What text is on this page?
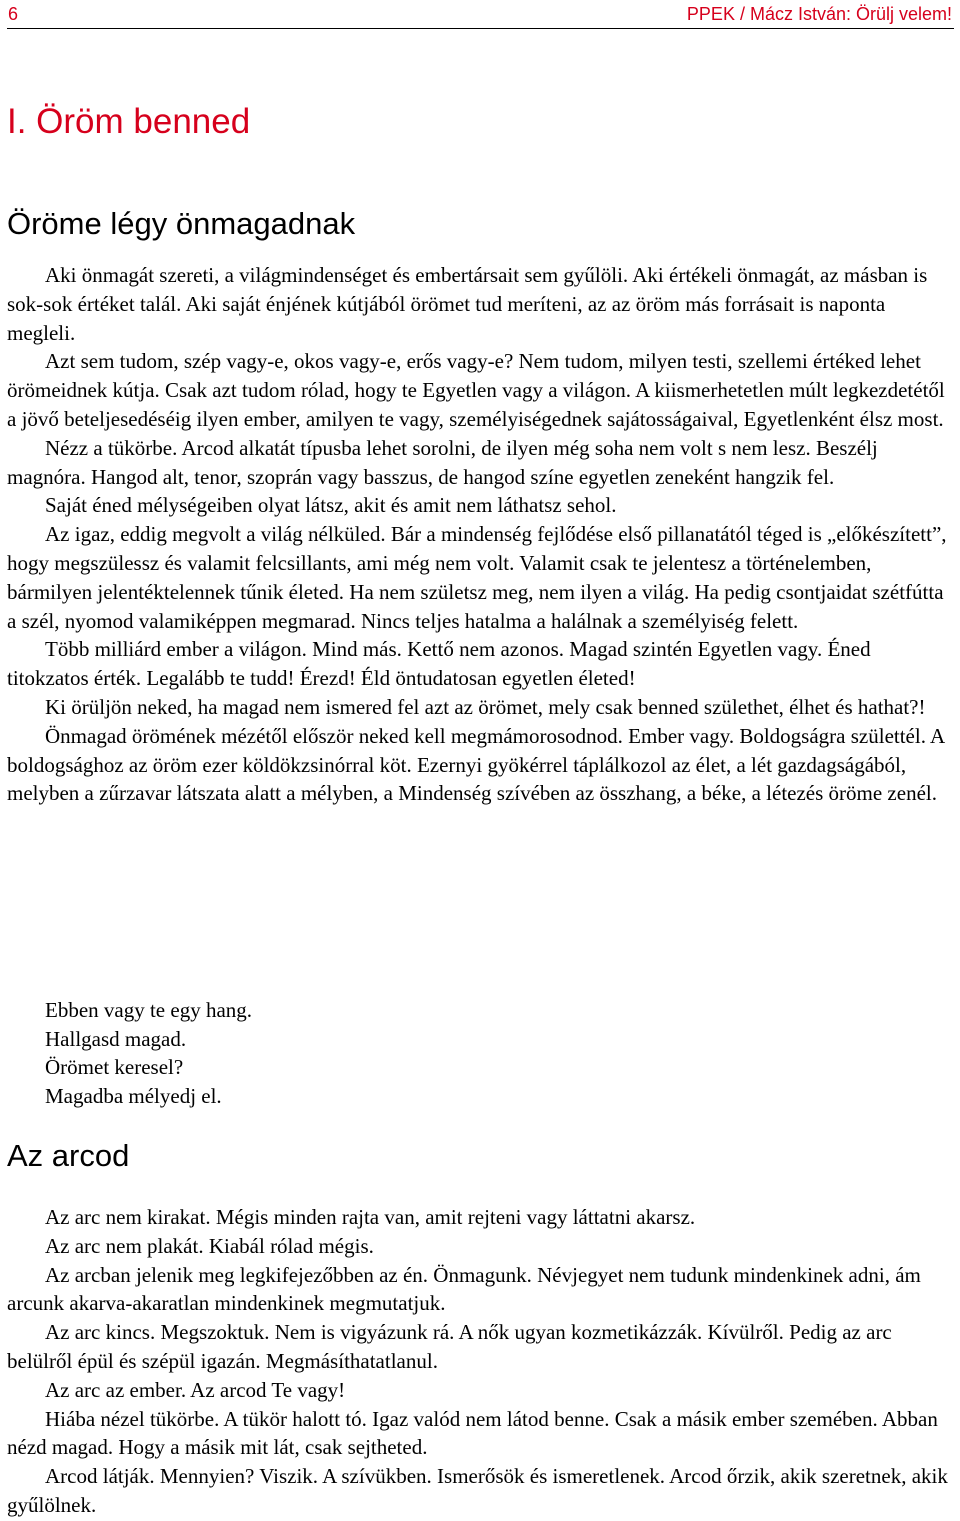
6	PPEK / Mácz István: Örülj velem!
I. Öröm benned
Öröme légy önmagadnak

Aki önmagát szereti, a világmindenséget és embertársait sem gyűlöli. Aki értékeli önmagát, az másban is sok-sok értéket talál. Aki saját énjének kútjából örömet tud meríteni, az az öröm más forrásait is naponta megleli.

Azt sem tudom, szép vagy-e, okos vagy-e, erős vagy-e? Nem tudom, milyen testi, szellemi értéked lehet örömeidnek kútja. Csak azt tudom rólad, hogy te Egyetlen vagy a világon. A kiismerhetetlen múlt legkezdetétől a jövő beteljesedéséig ilyen ember, amilyen te vagy, személyiségednek sajátosságaival, Egyetlenként élsz most.

Nézz a tükörbe. Arcod alkatát típusba lehet sorolni, de ilyen még soha nem volt s nem lesz. Beszélj magnóra. Hangod alt, tenor, szoprán vagy basszus, de hangod színe egyetlen zeneként hangzik fel.

Saját éned mélységeiben olyat látsz, akit és amit nem láthatsz sehol.

Az igaz, eddig megvolt a világ nélküled. Bár a mindenség fejlődése első pillanatától téged is „előkészített”, hogy megszülessz és valamit felcsillants, ami még nem volt. Valamit csak te jelentesz a történelemben, bármilyen jelentéktelennek tűnik életed. Ha nem születsz meg, nem ilyen a világ. Ha pedig csontjaidat szétfútta a szél, nyomod valamiképpen megmarad. Nincs teljes hatalma a halálnak a személyiség felett.

Több milliárd ember a világon. Mind más. Kettő nem azonos. Magad szintén Egyetlen vagy. Éned titokzatos érték. Legalább te tudd! Érezd! Éld öntudatosan egyetlen életed!

Ki örüljön neked, ha magad nem ismered fel azt az örömet, mely csak benned születhet, élhet és hathat?!

Önmagad örömének mézétől először neked kell megmámorosodnod. Ember vagy. Boldogságra születtél. A boldogsághoz az öröm ezer köldökzsinórral köt. Ezernyi gyökérrel táplálkozol az élet, a lét gazdagságából, melyben a zűrzavar látszata alatt a mélyben, a Mindenség szívében az összhang, a béke, a létezés öröme zenél.

Ebben vagy te egy hang.
Hallgasd magad.
Örömet keresel?
Magadba mélyedj el.
Az arcod

Az arc nem kirakat. Mégis minden rajta van, amit rejteni vagy láttatni akarsz.

Az arc nem plakát. Kiabál rólad mégis.

Az arcban jelenik meg legkifejezőbben az én. Önmagunk. Névjegyet nem tudunk mindenkinek adni, ám arcunk akarva-akaratlan mindenkinek megmutatjuk.

Az arc kincs. Megszoktuk. Nem is vigyázunk rá. A nők ugyan kozmetikázzák. Kívülről. Pedig az arc belülről épül és szépül igazán. Megmásíthatatlanul.

Az arc az ember. Az arcod Te vagy!

Hiába nézel tükörbe. A tükör halott tó. Igaz valód nem látod benne. Csak a másik ember szemében. Abban nézd magad. Hogy a másik mit lát, csak sejtheted.

Arcod látják. Mennyien? Viszik. A szívükben. Ismerősök és ismeretlenek. Arcod őrzik, akik szeretnek, akik gyűlölnek.
